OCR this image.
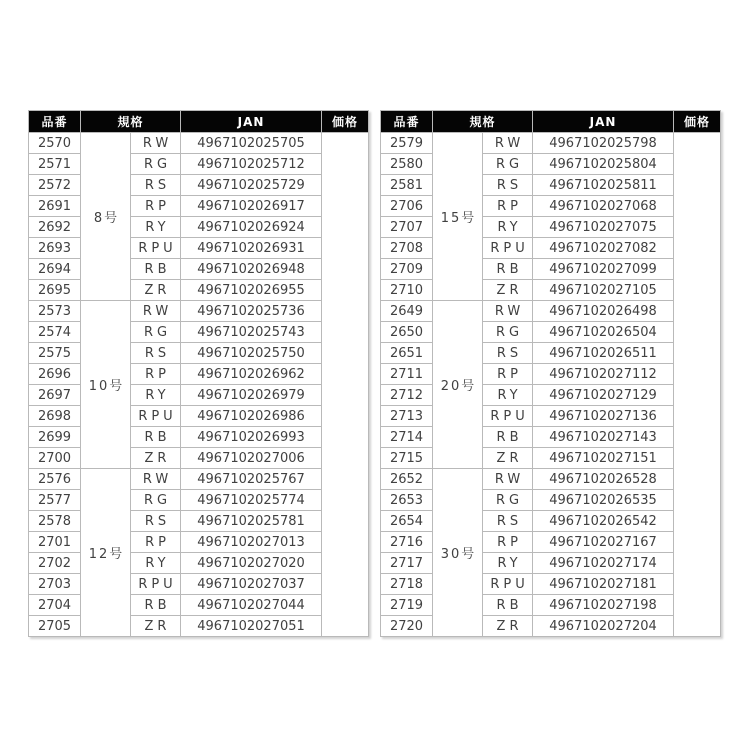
品番	規格		JAN	価格
2570	8号	RW	4967102025705	
2571		RG	4967102025712	
2572		RS	4967102025729	
2691		RP	4967102026917	
2692		RY	4967102026924	
2693		RPU	4967102026931	
2694		RB	4967102026948	
2695		ZR	4967102026955	
2573	10号	RW	4967102025736	
2574		RG	4967102025743	
2575		RS	4967102025750	
2696		RP	4967102026962	
2697		RY	4967102026979	
2698		RPU	4967102026986	
2699		RB	4967102026993	
2700		ZR	4967102027006	
2576	12号	RW	4967102025767	
2577		RG	4967102025774	
2578		RS	4967102025781	
2701		RP	4967102027013	
2702		RY	4967102027020	
2703		RPU	4967102027037	
2704		RB	4967102027044	
2705		ZR	4967102027051	
品番	規格		JAN	価格
2579	15号	RW	4967102025798	
2580		RG	4967102025804	
2581		RS	4967102025811	
2706		RP	4967102027068	
2707		RY	4967102027075	
2708		RPU	4967102027082	
2709		RB	4967102027099	
2710		ZR	4967102027105	
2649	20号	RW	4967102026498	
2650		RG	4967102026504	
2651		RS	4967102026511	
2711		RP	4967102027112	
2712		RY	4967102027129	
2713		RPU	4967102027136	
2714		RB	4967102027143	
2715		ZR	4967102027151	
2652	30号	RW	4967102026528	
2653		RG	4967102026535	
2654		RS	4967102026542	
2716		RP	4967102027167	
2717		RY	4967102027174	
2718		RPU	4967102027181	
2719		RB	4967102027198	
2720		ZR	4967102027204	
